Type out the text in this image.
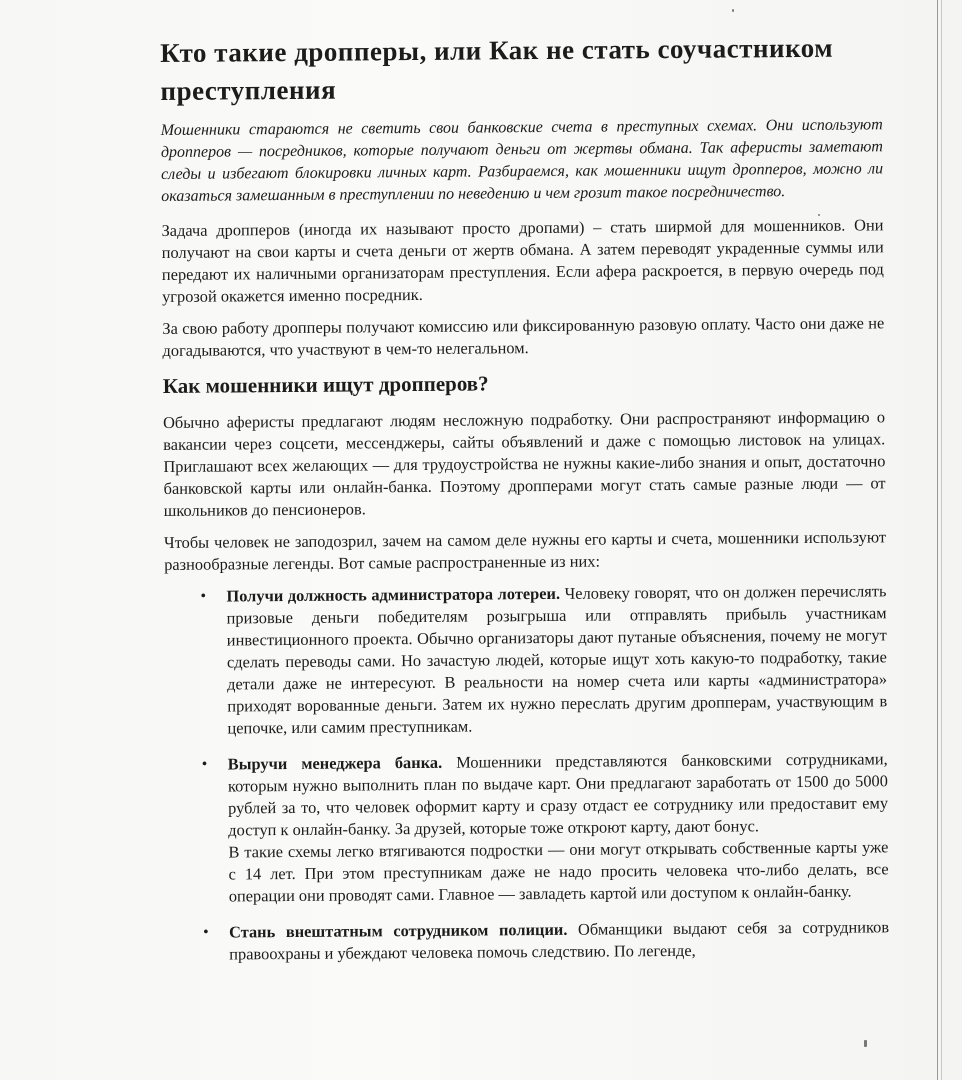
Кто такие дропперы, или Как не стать соучастником преступления

Мошенники стараются не светить свои банковские счета в преступных схемах. Они используют дропперов — посредников, которые получают деньги от жертвы обмана. Так аферисты заметают следы и избегают блокировки личных карт. Разбираемся, как мошенники ищут дропперов, можно ли оказаться замешанным в преступлении по неведению и чем грозит такое посредничество.

Задача дропперов (иногда их называют просто дропами) – стать ширмой для мошенников. Они получают на свои карты и счета деньги от жертв обмана. А затем переводят украденные суммы или передают их наличными организаторам преступления. Если афера раскроется, в первую очередь под угрозой окажется именно посредник.

За свою работу дропперы получают комиссию или фиксированную разовую оплату. Часто они даже не догадываются, что участвуют в чем-то нелегальном.

Как мошенники ищут дропперов?

Обычно аферисты предлагают людям несложную подработку. Они распространяют информацию о вакансии через соцсети, мессенджеры, сайты объявлений и даже с помощью листовок на улицах. Приглашают всех желающих — для трудоустройства не нужны какие-либо знания и опыт, достаточно банковской карты или онлайн-банка. Поэтому дропперами могут стать самые разные люди — от школьников до пенсионеров.

Чтобы человек не заподозрил, зачем на самом деле нужны его карты и счета, мошенники используют разнообразные легенды. Вот самые распространенные из них:

• Получи должность администратора лотереи. Человеку говорят, что он должен перечислять призовые деньги победителям розыгрыша или отправлять прибыль участникам инвестиционного проекта. Обычно организаторы дают путаные объяснения, почему не могут сделать переводы сами. Но зачастую людей, которые ищут хоть какую-то подработку, такие детали даже не интересуют. В реальности на номер счета или карты «администратора» приходят ворованные деньги. Затем их нужно переслать другим дропперам, участвующим в цепочке, или самим преступникам.
• Выручи менеджера банка. Мошенники представляются банковскими сотрудниками, которым нужно выполнить план по выдаче карт. Они предлагают заработать от 1500 до 5000 рублей за то, что человек оформит карту и сразу отдаст ее сотруднику или предоставит ему доступ к онлайн-банку. За друзей, которые тоже откроют карту, дают бонус.
В такие схемы легко втягиваются подростки — они могут открывать собственные карты уже с 14 лет. При этом преступникам даже не надо просить человека что-либо делать, все операции они проводят сами. Главное — завладеть картой или доступом к онлайн-банку.
• Стань внештатным сотрудником полиции. Обманщики выдают себя за сотрудников правоохраны и убеждают человека помочь следствию. По легенде,
